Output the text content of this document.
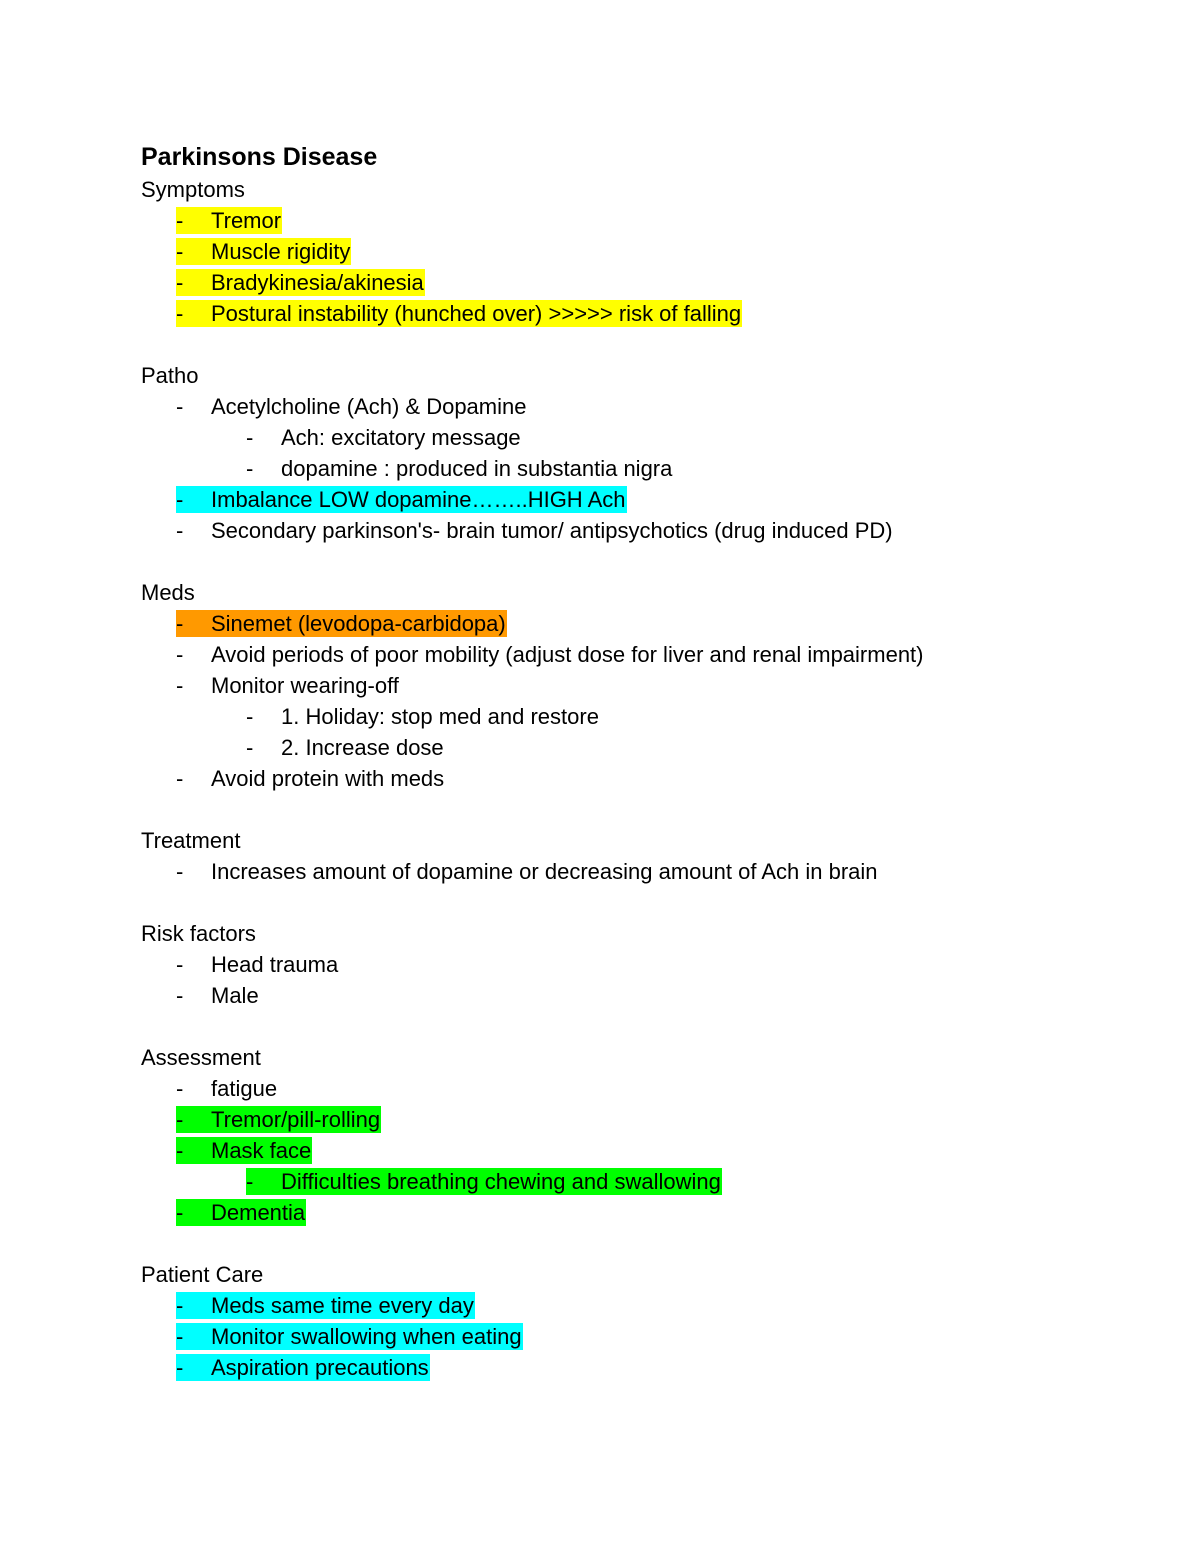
Parkinsons Disease
Symptoms
- Tremor
- Muscle rigidity
- Bradykinesia/akinesia
- Postural instability (hunched over) >>>>> risk of falling
Patho
- Acetylcholine (Ach) & Dopamine
- Ach: excitatory message
- dopamine : produced in substantia nigra
- Imbalance LOW dopamine……..HIGH Ach
- Secondary parkinson's- brain tumor/ antipsychotics (drug induced PD)
Meds
- Sinemet (levodopa-carbidopa)
- Avoid periods of poor mobility (adjust dose for liver and renal impairment)
- Monitor wearing-off
- 1. Holiday: stop med and restore
- 2. Increase dose
- Avoid protein with meds
Treatment
- Increases amount of dopamine or decreasing amount of Ach in brain
Risk factors
- Head trauma
- Male
Assessment
- fatigue
- Tremor/pill-rolling
- Mask face
- Difficulties breathing chewing and swallowing
- Dementia
Patient Care
- Meds same time every day
- Monitor swallowing when eating
- Aspiration precautions
